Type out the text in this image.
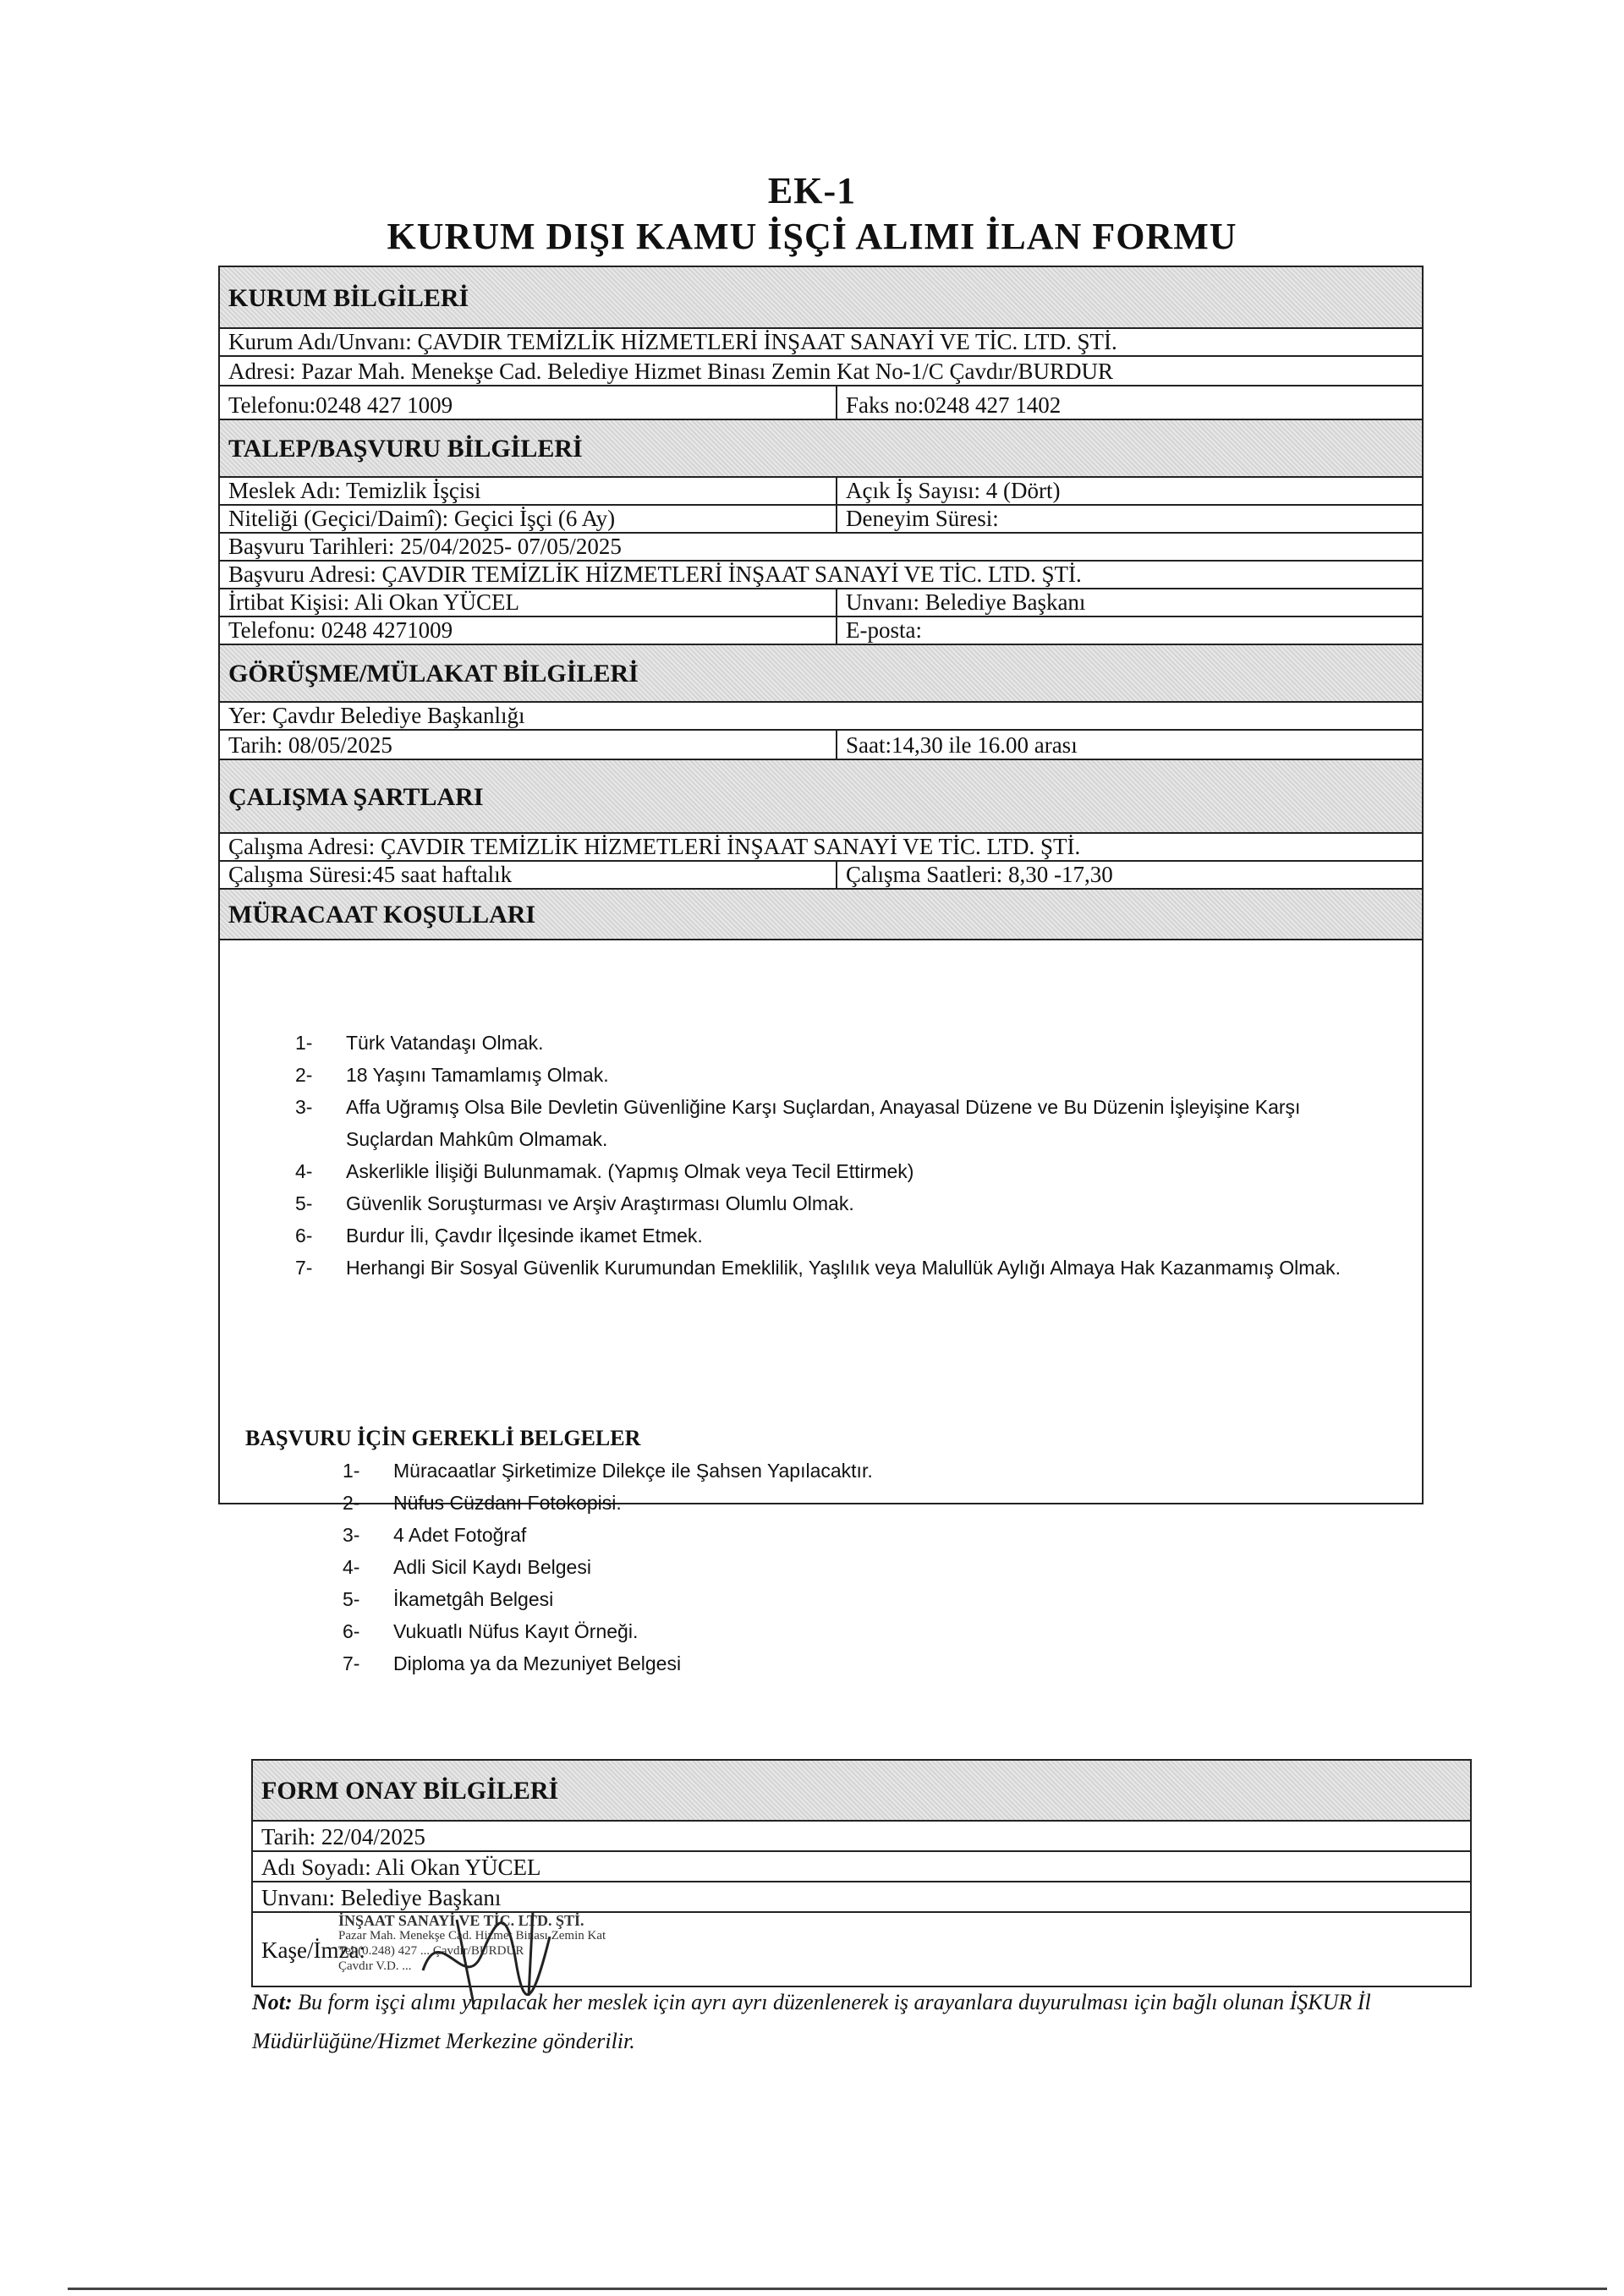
EK-1
KURUM DIŞI KAMU İŞÇİ ALIMI İLAN FORMU
KURUM BİLGİLERİ
Kurum Adı/Unvanı: ÇAVDIR TEMİZLİK HİZMETLERİ İNŞAAT SANAYİ VE TİC. LTD. ŞTİ.
Adresi: Pazar Mah. Menekşe Cad. Belediye Hizmet Binası Zemin Kat No-1/C Çavdır/BURDUR
Telefonu:0248 427 1009	Faks no:0248 427 1402
TALEP/BAŞVURU BİLGİLERİ
Meslek Adı: Temizlik İşçisi	Açık İş Sayısı: 4 (Dört)
Niteliği (Geçici/Daimî): Geçici İşçi (6 Ay)	Deneyim Süresi:
Başvuru Tarihleri: 25/04/2025- 07/05/2025
Başvuru Adresi: ÇAVDIR TEMİZLİK HİZMETLERİ İNŞAAT SANAYİ VE TİC. LTD. ŞTİ.
İrtibat Kişisi: Ali Okan YÜCEL	Unvanı: Belediye Başkanı
Telefonu: 0248 4271009	E-posta:
GÖRÜŞME/MÜLAKAT BİLGİLERİ
Yer: Çavdır Belediye Başkanlığı
Tarih: 08/05/2025	Saat:14,30 ile 16.00 arası
ÇALIŞMA ŞARTLARI
Çalışma Adresi: ÇAVDIR TEMİZLİK HİZMETLERİ İNŞAAT SANAYİ VE TİC. LTD. ŞTİ.
Çalışma Süresi:45 saat haftalık	Çalışma Saatleri: 8,30 -17,30
MÜRACAAT KOŞULLARI
1-	Türk Vatandaşı Olmak.
2-	18 Yaşını Tamamlamış Olmak.
3-	Affa Uğramış Olsa Bile Devletin Güvenliğine Karşı Suçlardan, Anayasal Düzene ve Bu Düzenin İşleyişine Karşı Suçlardan Mahkûm Olmamak.
4-	Askerlikle İlişiği Bulunmamak. (Yapmış Olmak veya Tecil Ettirmek)
5-	Güvenlik Soruşturması ve Arşiv Araştırması Olumlu Olmak.
6-	Burdur İli, Çavdır İlçesinde ikamet Etmek.
7-	Herhangi Bir Sosyal Güvenlik Kurumundan Emeklilik, Yaşlılık veya Malullük Aylığı Almaya Hak Kazanmamış Olmak.
BAŞVURU İÇİN GEREKLİ BELGELER
1-	Müracaatlar Şirketimize Dilekçe ile Şahsen Yapılacaktır.
2-	Nüfus Cüzdanı Fotokopisi.
3-	4 Adet Fotoğraf
4-	Adli Sicil Kaydı Belgesi
5-	İkametgâh Belgesi
6-	Vukuatlı Nüfus Kayıt Örneği.
7-	Diploma ya da Mezuniyet Belgesi
FORM ONAY BİLGİLERİ
Tarih: 22/04/2025
Adı Soyadı: Ali Okan YÜCEL
Unvanı: Belediye Başkanı
Kaşe/İmza:
İNŞAAT SANAYİ VE TİC. LTD. ŞTİ.
Pazar Mah. Menekşe Cad. Hizmet Binası Zemin Kat
Tel:(0.248) 427 ... Çavdır/BURDUR
Çavdır V.D. ...
Not: Bu form işçi alımı yapılacak her meslek için ayrı ayrı düzenlenerek iş arayanlara duyurulması için bağlı olunan İŞKUR İl Müdürlüğüne/Hizmet Merkezine gönderilir.
